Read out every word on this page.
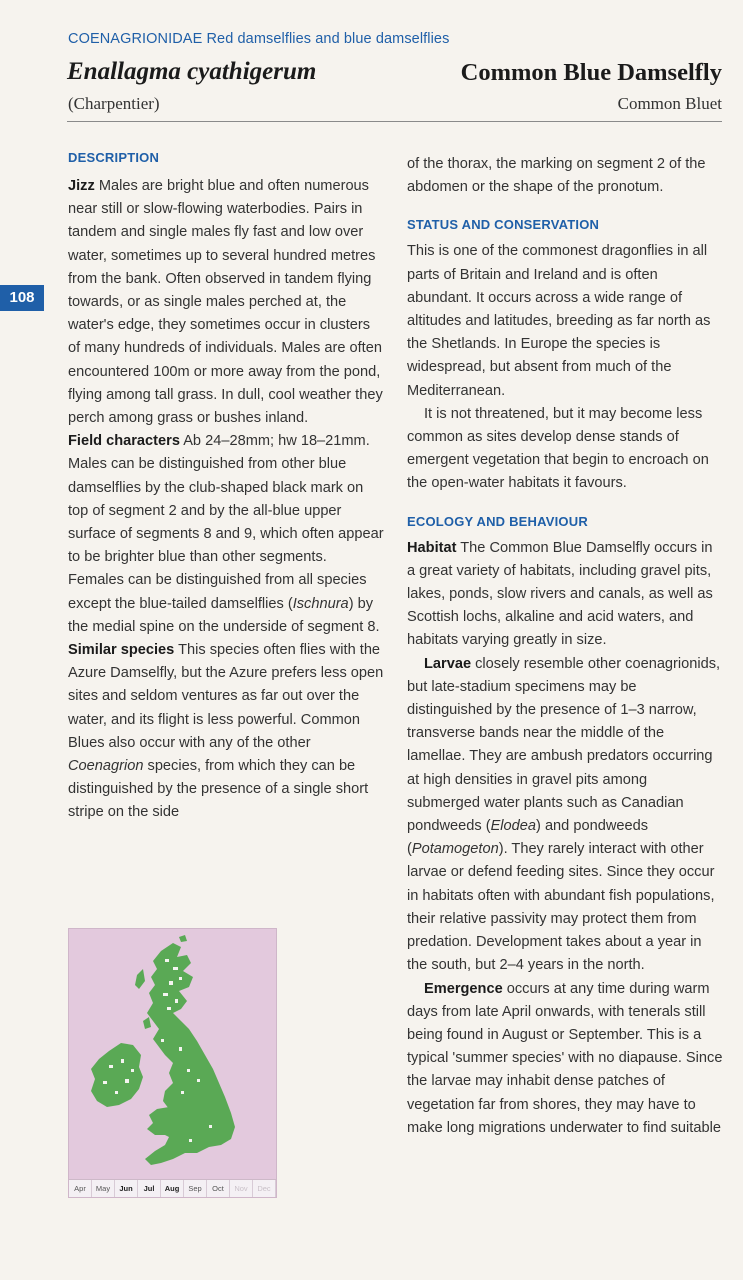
COENAGRIONIDAE Red damselflies and blue damselflies
Enallagma cyathigerum	Common Blue Damselfly
(Charpentier)	Common Bluet
108
DESCRIPTION

Jizz Males are bright blue and often numerous near still or slow-flowing waterbodies. Pairs in tandem and single males fly fast and low over water, sometimes up to several hundred metres from the bank. Often observed in tandem flying towards, or as single males perched at, the water's edge, they sometimes occur in clusters of many hundreds of individuals. Males are often encountered 100m or more away from the pond, flying among tall grass. In dull, cool weather they perch among grass or bushes inland.

Field characters Ab 24–28mm; hw 18–21mm. Males can be distinguished from other blue damselflies by the club-shaped black mark on top of segment 2 and by the all-blue upper surface of segments 8 and 9, which often appear to be brighter blue than other segments. Females can be distinguished from all species except the blue-tailed damselflies (Ischnura) by the medial spine on the underside of segment 8.

Similar species This species often flies with the Azure Damselfly, but the Azure prefers less open sites and seldom ventures as far out over the water, and its flight is less powerful. Common Blues also occur with any of the other Coenagrion species, from which they can be distinguished by the presence of a single short stripe on the side

of the thorax, the marking on segment 2 of the abdomen or the shape of the pronotum.

STATUS AND CONSERVATION

This is one of the commonest dragonflies in all parts of Britain and Ireland and is often abundant. It occurs across a wide range of altitudes and latitudes, breeding as far north as the Shetlands. In Europe the species is widespread, but absent from much of the Mediterranean.

It is not threatened, but it may become less common as sites develop dense stands of emergent vegetation that begin to encroach on the open-water habitats it favours.

ECOLOGY AND BEHAVIOUR

Habitat The Common Blue Damselfly occurs in a great variety of habitats, including gravel pits, lakes, ponds, slow rivers and canals, as well as Scottish lochs, alkaline and acid waters, and habitats varying greatly in size.

Larvae closely resemble other coenagrionids, but late-stadium specimens may be distinguished by the presence of 1–3 narrow, transverse bands near the middle of the lamellae. They are ambush predators occurring at high densities in gravel pits among submerged water plants such as Canadian pondweeds (Elodea) and pondweeds (Potamogeton). They rarely interact with other larvae or defend feeding sites. Since they occur in habitats often with abundant fish populations, their relative passivity may protect them from predation. Development takes about a year in the south, but 2–4 years in the north.

Emergence occurs at any time during warm days from late April onwards, with tenerals still being found in August or September. This is a typical 'summer species' with no diapause. Since the larvae may inhabit dense patches of vegetation far from shores, they may have to make long migrations underwater to find suitable

Apr	May	Jun	Jul	Aug	Sep	Oct	Nov	Dec
